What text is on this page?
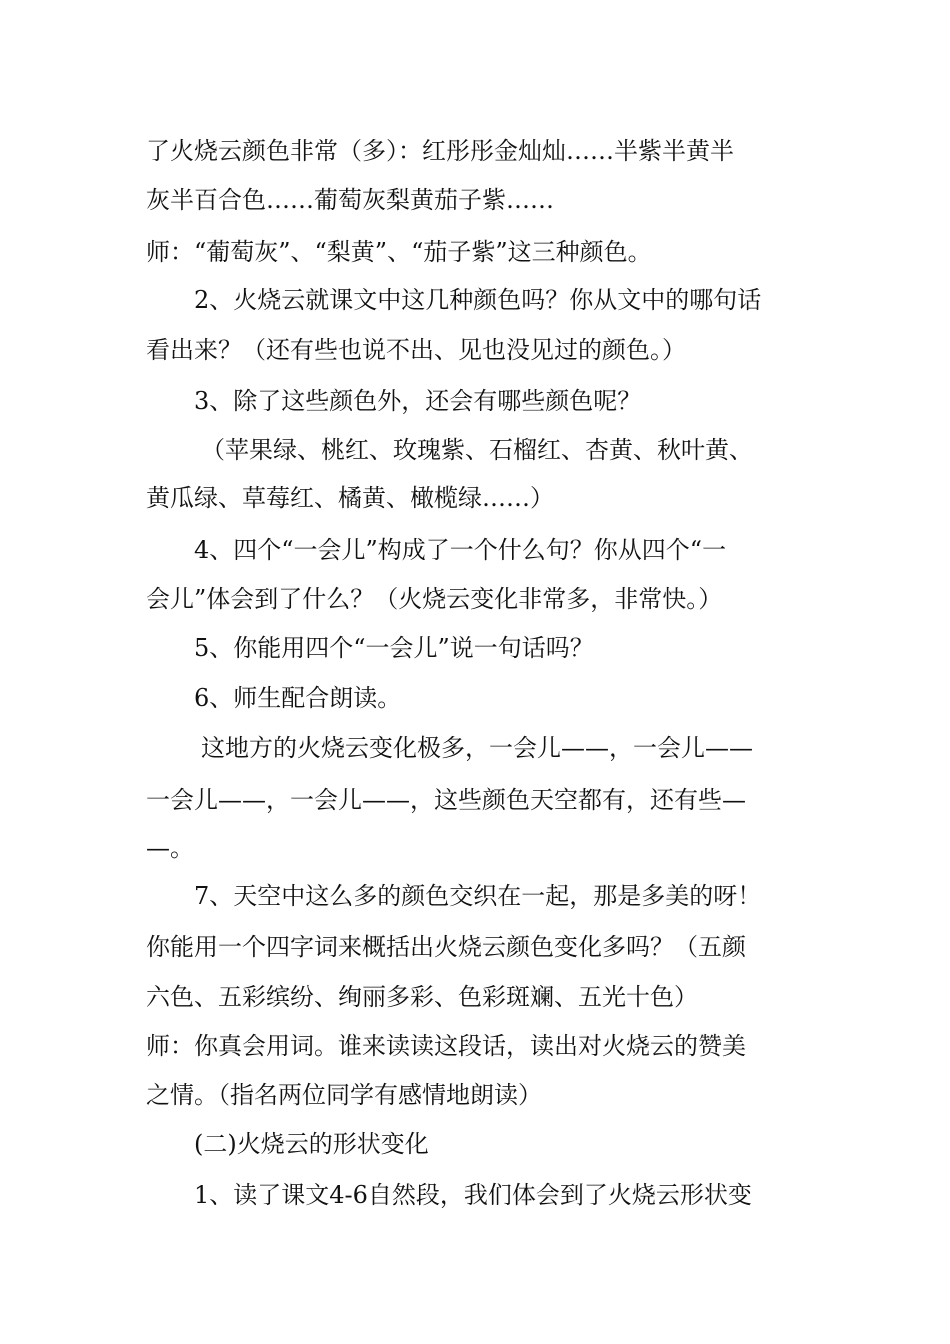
了火烧云颜色非常（多）：红彤彤金灿灿……半紫半黄半
灰半百合色……葡萄灰梨黄茄子紫……
师：“葡萄灰”、“梨黄”、“茄子紫”这三种颜色。
2、火烧云就课文中这几种颜色吗？你从文中的哪句话
看出来？（还有些也说不出、见也没见过的颜色。）
3、除了这些颜色外，还会有哪些颜色呢？
（苹果绿、桃红、玫瑰紫、石榴红、杏黄、秋叶黄、
黄瓜绿、草莓红、橘黄、橄榄绿……）
4、四个“一会儿”构成了一个什么句？你从四个“一
会儿”体会到了什么？（火烧云变化非常多，非常快。）
5、你能用四个“一会儿”说一句话吗？
6、师生配合朗读。
这地方的火烧云变化极多，一会儿——，一会儿——
一会儿——，一会儿——，这些颜色天空都有，还有些—
—。
7、天空中这么多的颜色交织在一起，那是多美的呀！
你能用一个四字词来概括出火烧云颜色变化多吗？（五颜
六色、五彩缤纷、绚丽多彩、色彩斑斓、五光十色）
师：你真会用词。谁来读读这段话，读出对火烧云的赞美
之情。（指名两位同学有感情地朗读）
(二)火烧云的形状变化
1、读了课文4-6自然段，我们体会到了火烧云形状变
